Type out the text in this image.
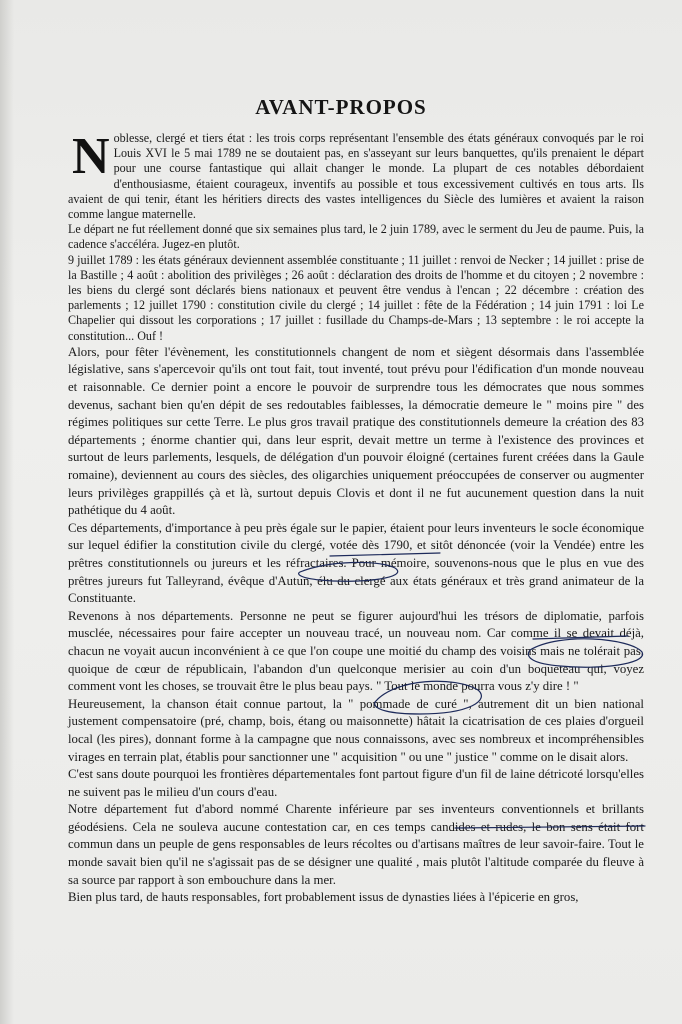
AVANT-PROPOS

Noblesse, clergé et tiers état : les trois corps représentant l'ensemble des états généraux convoqués par le roi Louis XVI le 5 mai 1789 ne se doutaient pas, en s'asseyant sur leurs banquettes, qu'ils prenaient le départ pour une course fantastique qui allait changer le monde. La plupart de ces notables débordaient d'enthousiasme, étaient courageux, inventifs au possible et tous excessivement cultivés en tous arts. Ils avaient de qui tenir, étant les héritiers directs des vastes intelligences du Siècle des lumières et avaient la raison comme langue maternelle.

Le départ ne fut réellement donné que six semaines plus tard, le 2 juin 1789, avec le serment du Jeu de paume. Puis, la cadence s'accéléra. Jugez-en plutôt.

9 juillet 1789 : les états généraux deviennent assemblée constituante ; 11 juillet : renvoi de Necker ; 14 juillet : prise de la Bastille ; 4 août : abolition des privilèges ; 26 août : déclaration des droits de l'homme et du citoyen ; 2 novembre : les biens du clergé sont déclarés biens nationaux et peuvent être vendus à l'encan ; 22 décembre : création des parlements ; 12 juillet 1790 : constitution civile du clergé ; 14 juillet : fête de la Fédération ; 14 juin 1791 : loi Le Chapelier qui dissout les corporations ; 17 juillet : fusillade du Champs-de-Mars ; 13 septembre : le roi accepte la constitution... Ouf !

Alors, pour fêter l'évènement, les constitutionnels changent de nom et siègent désormais dans l'assemblée législative, sans s'apercevoir qu'ils ont tout fait, tout inventé, tout prévu pour l'édification d'un monde nouveau et raisonnable. Ce dernier point a encore le pouvoir de surprendre tous les démocrates que nous sommes devenus, sachant bien qu'en dépit de ses redoutables faiblesses, la démocratie demeure le " moins pire " des régimes politiques sur cette Terre. Le plus gros travail pratique des constitutionnels demeure la création des 83 départements ; énorme chantier qui, dans leur esprit, devait mettre un terme à l'existence des provinces et surtout de leurs parlements, lesquels, de délégation d'un pouvoir éloigné (certaines furent créées dans la Gaule romaine), deviennent au cours des siècles, des oligarchies uniquement préoccupées de conserver ou augmenter leurs privilèges grappillés çà et là, surtout depuis Clovis et dont il ne fut aucunement question dans la nuit pathétique du 4 août.

Ces départements, d'importance à peu près égale sur le papier, étaient pour leurs inventeurs le socle économique sur lequel édifier la constitution civile du clergé, votée dès 1790, et sitôt dénoncée (voir la Vendée) entre les prêtres constitutionnels ou jureurs et les réfractaires. Pour mémoire, souvenons-nous que le plus en vue des prêtres jureurs fut Talleyrand, évêque d'Autun, élu du clergé aux états généraux et très grand animateur de la Constituante.

Revenons à nos départements. Personne ne peut se figurer aujourd'hui les trésors de diplomatie, parfois musclée, nécessaires pour faire accepter un nouveau tracé, un nouveau nom. Car comme il se devait déjà, chacun ne voyait aucun inconvénient à ce que l'on coupe une moitié du champ des voisins mais ne tolérait pas, quoique de cœur de républicain, l'abandon d'un quelconque merisier au coin d'un boqueteau qui, voyez comment vont les choses, se trouvait être le plus beau pays. " Tout le monde pourra vous z'y dire ! "

Heureusement, la chanson était connue partout, la " pommade de curé ", autrement dit un bien national justement compensatoire (pré, champ, bois, étang ou maisonnette) hâtait la cicatrisation de ces plaies d'orgueil local (les pires), donnant forme à la campagne que nous connaissons, avec ses nombreux et incompréhensibles virages en terrain plat, établis pour sanctionner une " acquisition " ou une " justice " comme on le disait alors.

C'est sans doute pourquoi les frontières départementales font partout figure d'un fil de laine détricoté lorsqu'elles ne suivent pas le milieu d'un cours d'eau.

Notre département fut d'abord nommé Charente inférieure par ses inventeurs conventionnels et brillants géodésiens. Cela ne souleva aucune contestation car, en ces temps candides et rudes, le bon sens était fort commun dans un peuple de gens responsables de leurs récoltes ou d'artisans maîtres de leur savoir-faire. Tout le monde savait bien qu'il ne s'agissait pas de se désigner une qualité , mais plutôt l'altitude comparée du fleuve à sa source par rapport à son embouchure dans la mer.

Bien plus tard, de hauts responsables, fort probablement issus de dynasties liées à l'épicerie en gros,
